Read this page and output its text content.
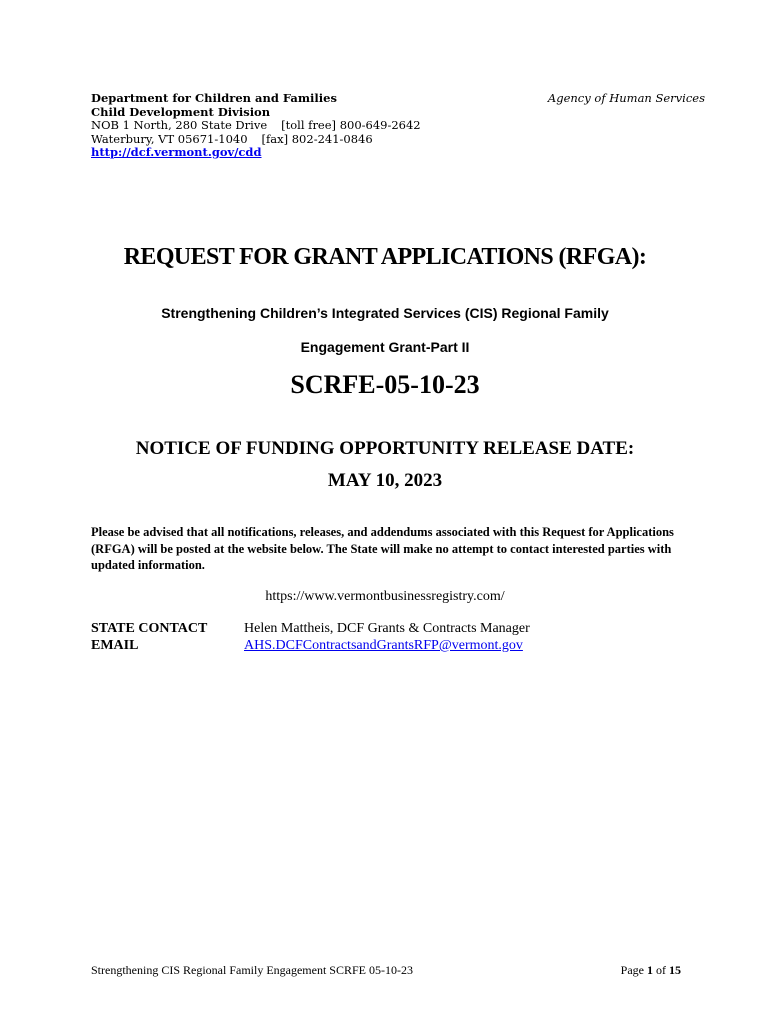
Department for Children and Families
Child Development Division
NOB 1 North, 280 State Drive [toll free] 800-649-2642
Waterbury, VT 05671-1040 [fax] 802-241-0846
http://dcf.vermont.gov/cdd
Agency of Human Services
REQUEST FOR GRANT APPLICATIONS (RFGA):
Strengthening Children’s Integrated Services (CIS) Regional Family
Engagement Grant-Part II
SCRFE-05-10-23
NOTICE OF FUNDING OPPORTUNITY RELEASE DATE:
MAY 10, 2023
Please be advised that all notifications, releases, and addendums associated with this Request for Applications (RFGA) will be posted at the website below. The State will make no attempt to contact interested parties with updated information.
https://www.vermontbusinessregistry.com/
STATE CONTACT	Helen Mattheis, DCF Grants & Contracts Manager
EMAIL	AHS.DCFContractsandGrantsRFP@vermont.gov
Strengthening CIS Regional Family Engagement SCRFE 05-10-23	Page 1 of 15
